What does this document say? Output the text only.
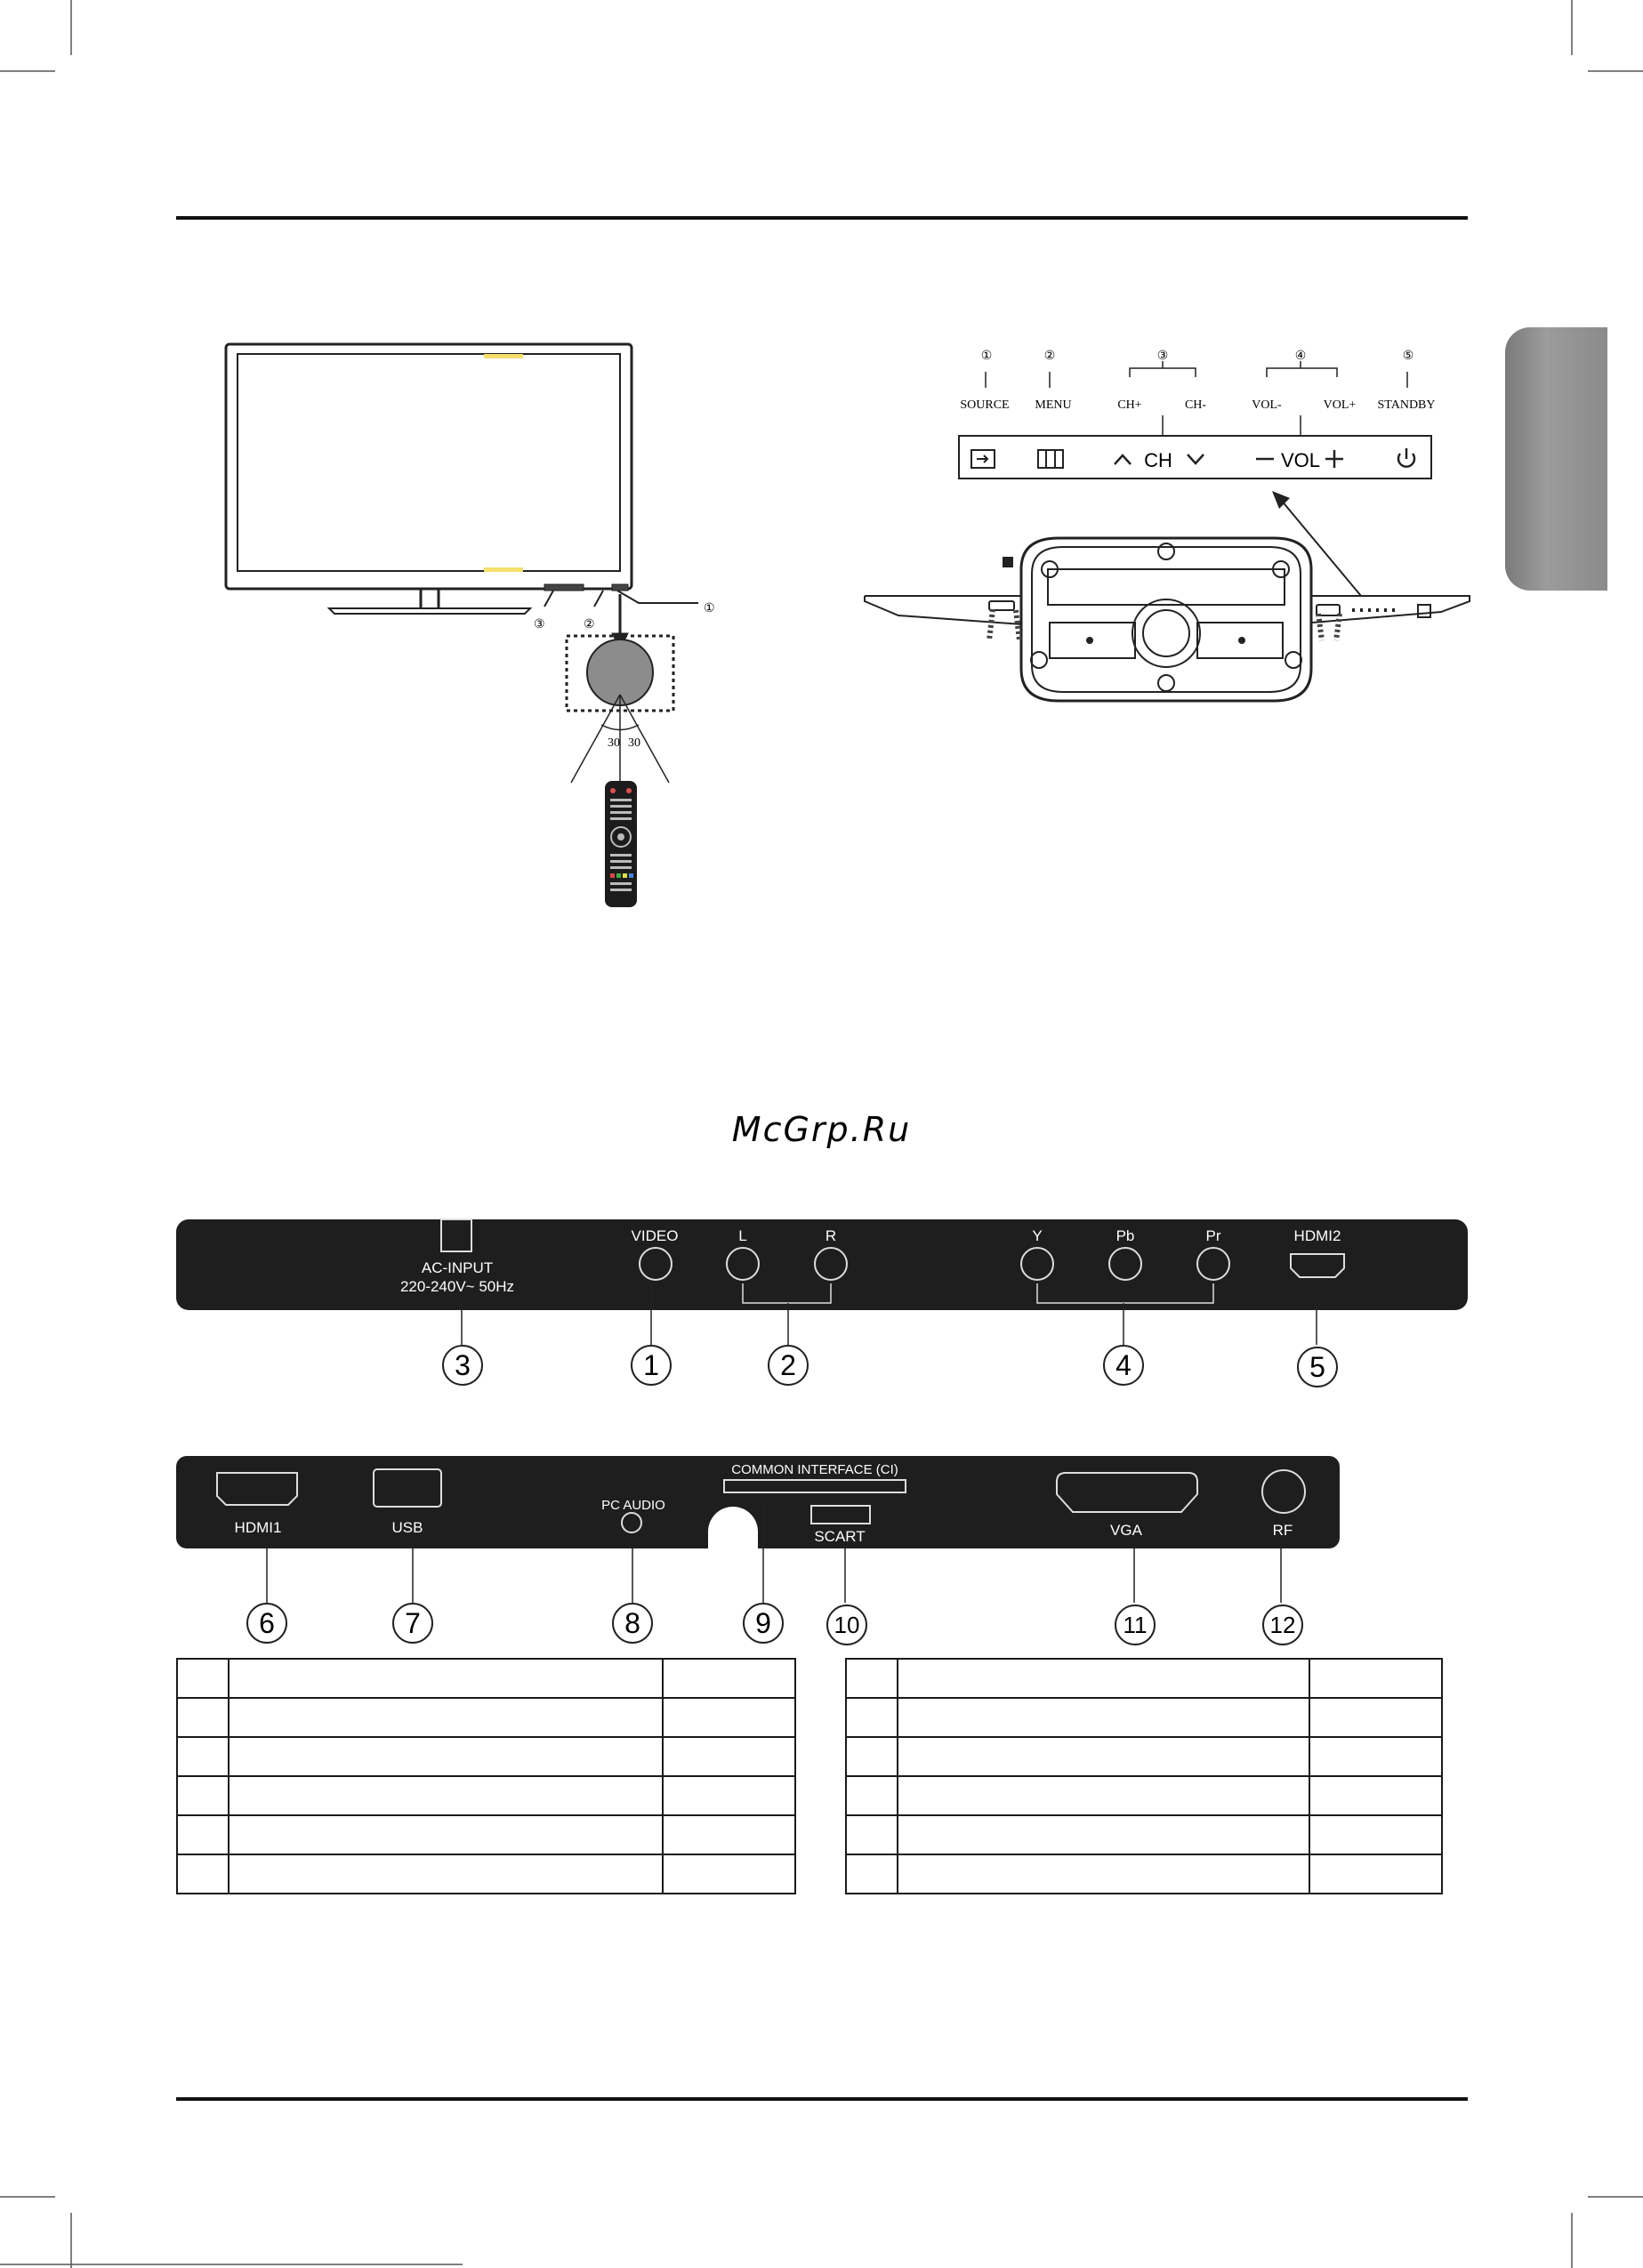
30 30
①
②
③
①	②	③	④	⑤
SOURCE MENU	CH+	CH-	VOL-	VOL+ STANDBY
CH	VOL
McGrp.Ru
AC-INPUT
220-240V~ 50Hz
VIDEO	L	R	Y	Pb	Pr	HDMI2
3	1	2	4	5
HDMI1	USB
PC AUDIO
COMMON INTERFACE (CI)
SCART	VGA	RF
6	7	8	9	10	11	12
